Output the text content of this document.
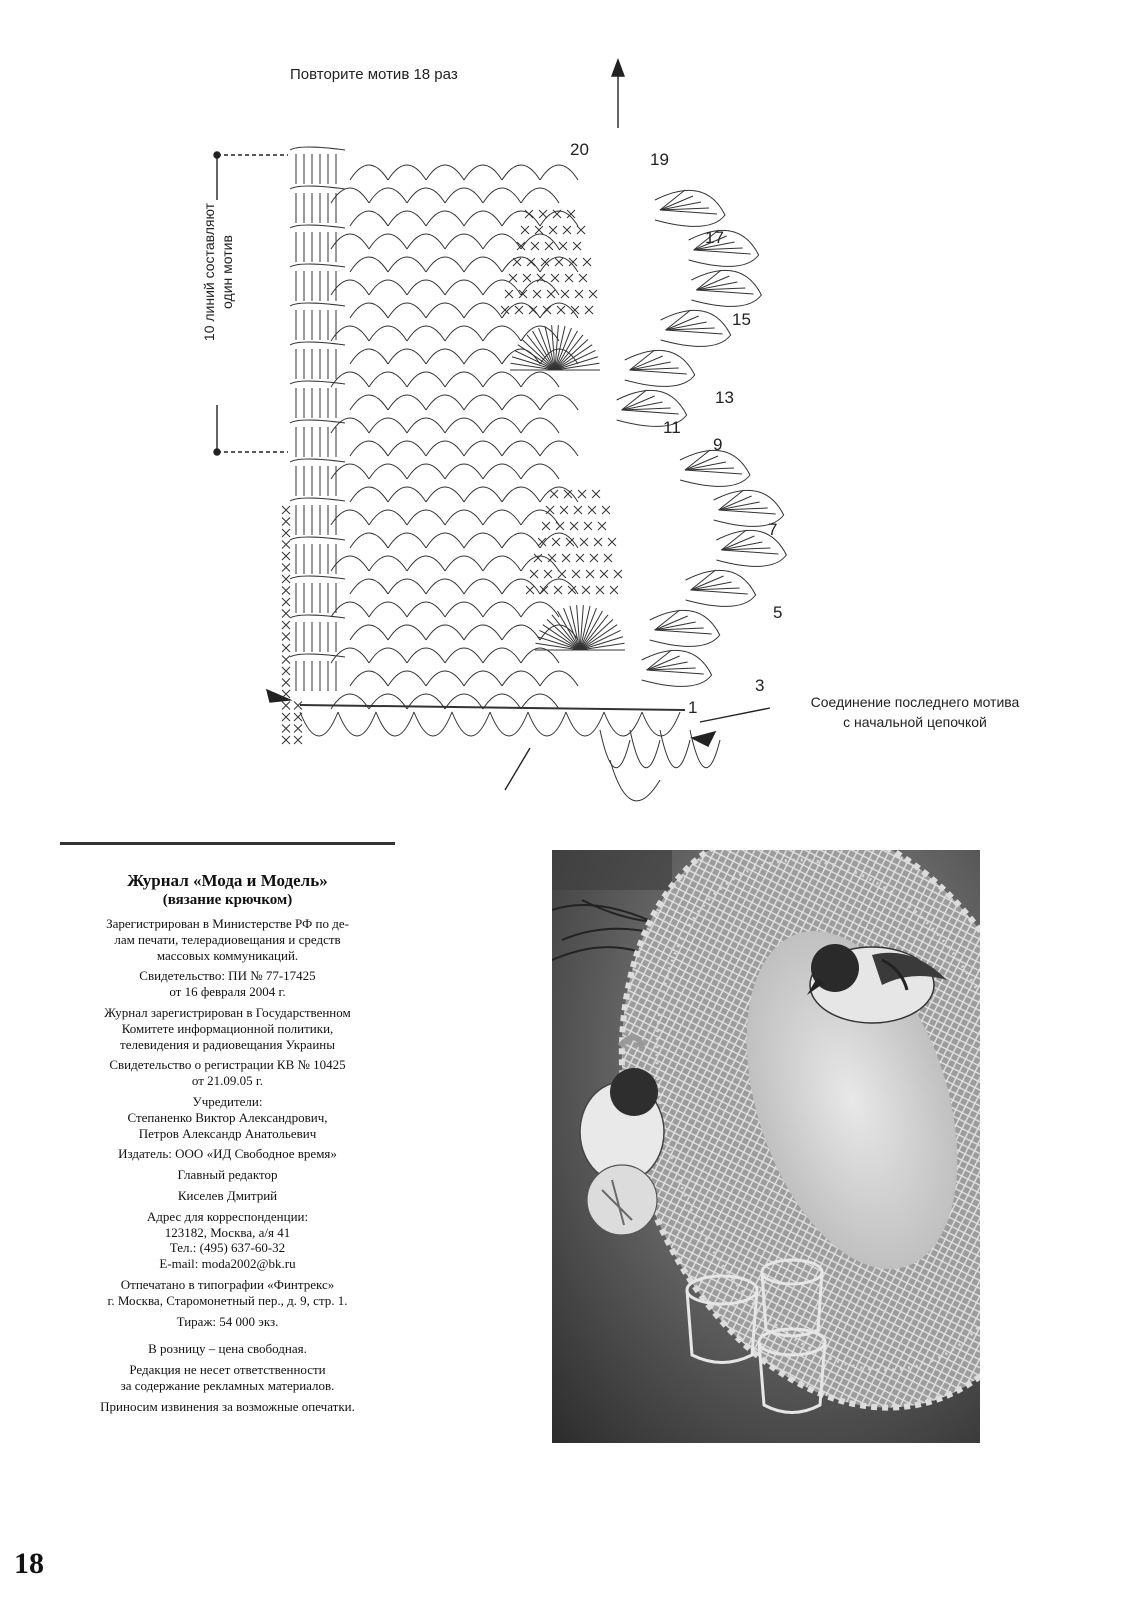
Повторите мотив 18 раз
10 линий составляют один мотив
Соединение последнего мотива
с начальной цепочкой
20
19
17
15
13
11
9
7
5
3
1
Журнал «Мода и Модель»
(вязание крючком)
Зарегистрирован в Министерстве РФ по де-
лам печати, телерадиовещания и средств
массовых коммуникаций.
Свидетельство: ПИ № 77-17425
от 16 февраля 2004 г.
Журнал зарегистрирован в Государственном
Комитете информационной политики,
телевидения и радиовещания Украины
Свидетельство о регистрации КВ № 10425
от 21.09.05 г.
Учредители:
Степаненко Виктор Александрович,
Петров Александр Анатольевич
Издатель: ООО «ИД Свободное время»
Главный редактор
Киселев Дмитрий
Адрес для корреспонденции:
123182, Москва, а/я 41
Тел.: (495) 637-60-32
E-mail: moda2002@bk.ru
Отпечатано в типографии «Финтрекс»
г. Москва, Старомонетный пер., д. 9, стр. 1.
Тираж: 54 000 экз.
В розницу – цена свободная.
Редакция не несет ответственности
за содержание рекламных материалов.
Приносим извинения за возможные опечатки.
18
